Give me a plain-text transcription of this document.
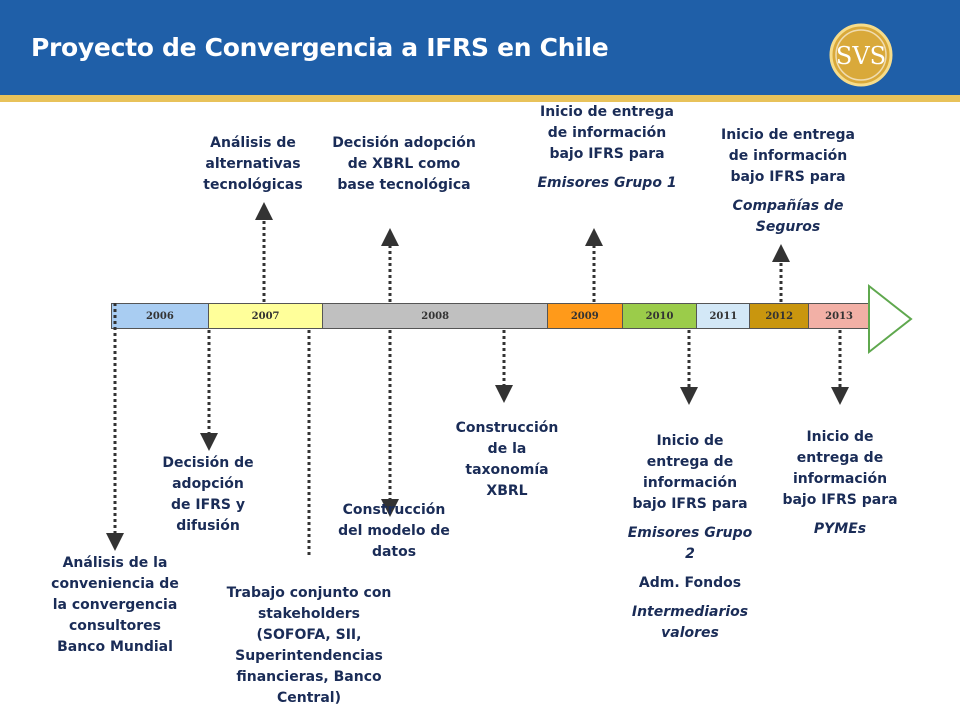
Proyecto de Convergencia a IFRS en Chile	SVS
2006	2007	2008	2009	2010	2011	2012	2013
Análisis de la conveniencia de la convergencia consultores Banco Mundial
Decisión de adopción de IFRS y difusión
Análisis de alternativas tecnológicas
Trabajo conjunto con stakeholders (SOFOFA, SII, Superintendencias financieras, Banco Central)
Decisión adopción de XBRL como base tecnológica
Construcción del modelo de datos
Construcción de la taxonomía XBRL
Inicio de entrega de información bajo IFRS para
Emisores Grupo 1
Inicio de entrega de información bajo IFRS para
Emisores Grupo 2
Adm. Fondos
Intermediarios valores
Inicio de entrega de información bajo IFRS para
Compañías de Seguros
Inicio de entrega de información bajo IFRS para
PYMEs
